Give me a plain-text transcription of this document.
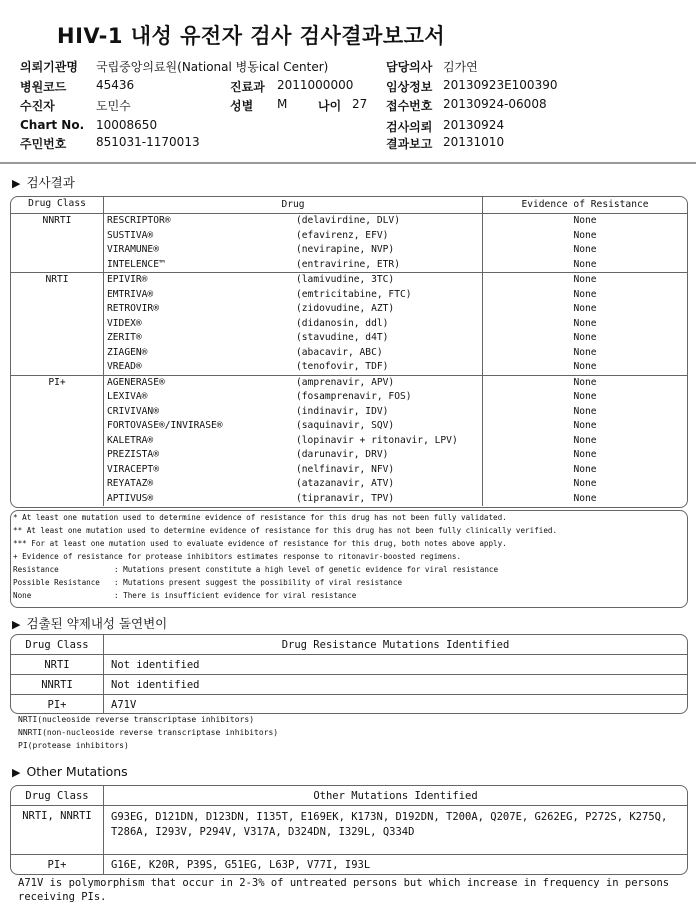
HIV-1 내성 유전자 검사 검사결과보고서
의뢰기관명 국립중앙의료원(National 병동ical Center)	담당의사 김가연
병원코드 45436	진료과 2011000000	임상정보 20130923E100390
수진자	도민수	성별 M	나이 27 접수번호 20130924-06008
Chart No. 10008650	검사의뢰 20130924
주민번호 851031-1170013	결과보고 20131010
▶ 검사결과
Drug Class	Drug		Evidence of Resistance
NNRTI	RESCRIPTOR®	(delavirdine, DLV)	None
	SUSTIVA®	(efavirenz, EFV)	None
	VIRAMUNE®	(nevirapine, NVP)	None
	INTELENCE™	(entravirine, ETR)	None
NRTI	EPIVIR®	(lamivudine, 3TC)	None
	EMTRIVA®	(emtricitabine, FTC)	None
	RETROVIR®	(zidovudine, AZT)	None
	VIDEX®	(didanosin, ddl)	None
	ZERIT®	(stavudine, d4T)	None
	ZIAGEN®	(abacavir, ABC)	None
	VREAD®	(tenofovir, TDF)	None
PI+	AGENERASE®	(amprenavir, APV)	None
	LEXIVA®	(fosamprenavir, FOS)	None
	CRIVIVAN®	(indinavir, IDV)	None
	FORTOVASE®/INVIRASE®	(saquinavir, SQV)	None
	KALETRA®	(lopinavir + ritonavir, LPV)	None
	PREZISTA®	(darunavir, DRV)	None
	VIRACEPT®	(nelfinavir, NFV)	None
	REYATAZ®	(atazanavir, ATV)	None
	APTIVUS®	(tipranavir, TPV)	None
* At least one mutation used to determine evidence of resistance for this drug has not been fully validated.
** At least one mutation used to determine evidence of resistance for this drug has not been fully clinically verified.
*** For at least one mutation used to evaluate evidence of resistance for this drug, both notes above apply.
+ Evidence of resistance for protease inhibitors estimates response to ritonavir-boosted regimens.
Resistance	: Mutations present constitute a high level of genetic evidence for viral resistance
Possible Resistance : Mutations present suggest the possibility of viral resistance
None	: There is insufficient evidence for viral resistance
▶ 검출된 약제내성 돌연변이
Drug Class	Drug Resistance Mutations Identified
NRTI	Not identified
NNRTI	Not identified
PI+	A71V
NRTI(nucleoside reverse transcriptase inhibitors)
NNRTI(non-nucleoside reverse transcriptase inhibitors)
PI(protease inhibitors)
▶ Other Mutations
Drug Class	Other Mutations Identified
NRTI, NNRTI	G93EG, D121DN, D123DN, I135T, E169EK, K173N, D192DN, T200A, Q207E, G262EG, P272S, K275Q, T286A, I293V, P294V, V317A, D324DN, I329L, Q334D
PI+	G16E, K20R, P39S, G51EG, L63P, V77I, I93L
A71V is polymorphism that occur in 2-3% of untreated persons but which increase in frequency in persons receiving PIs.
